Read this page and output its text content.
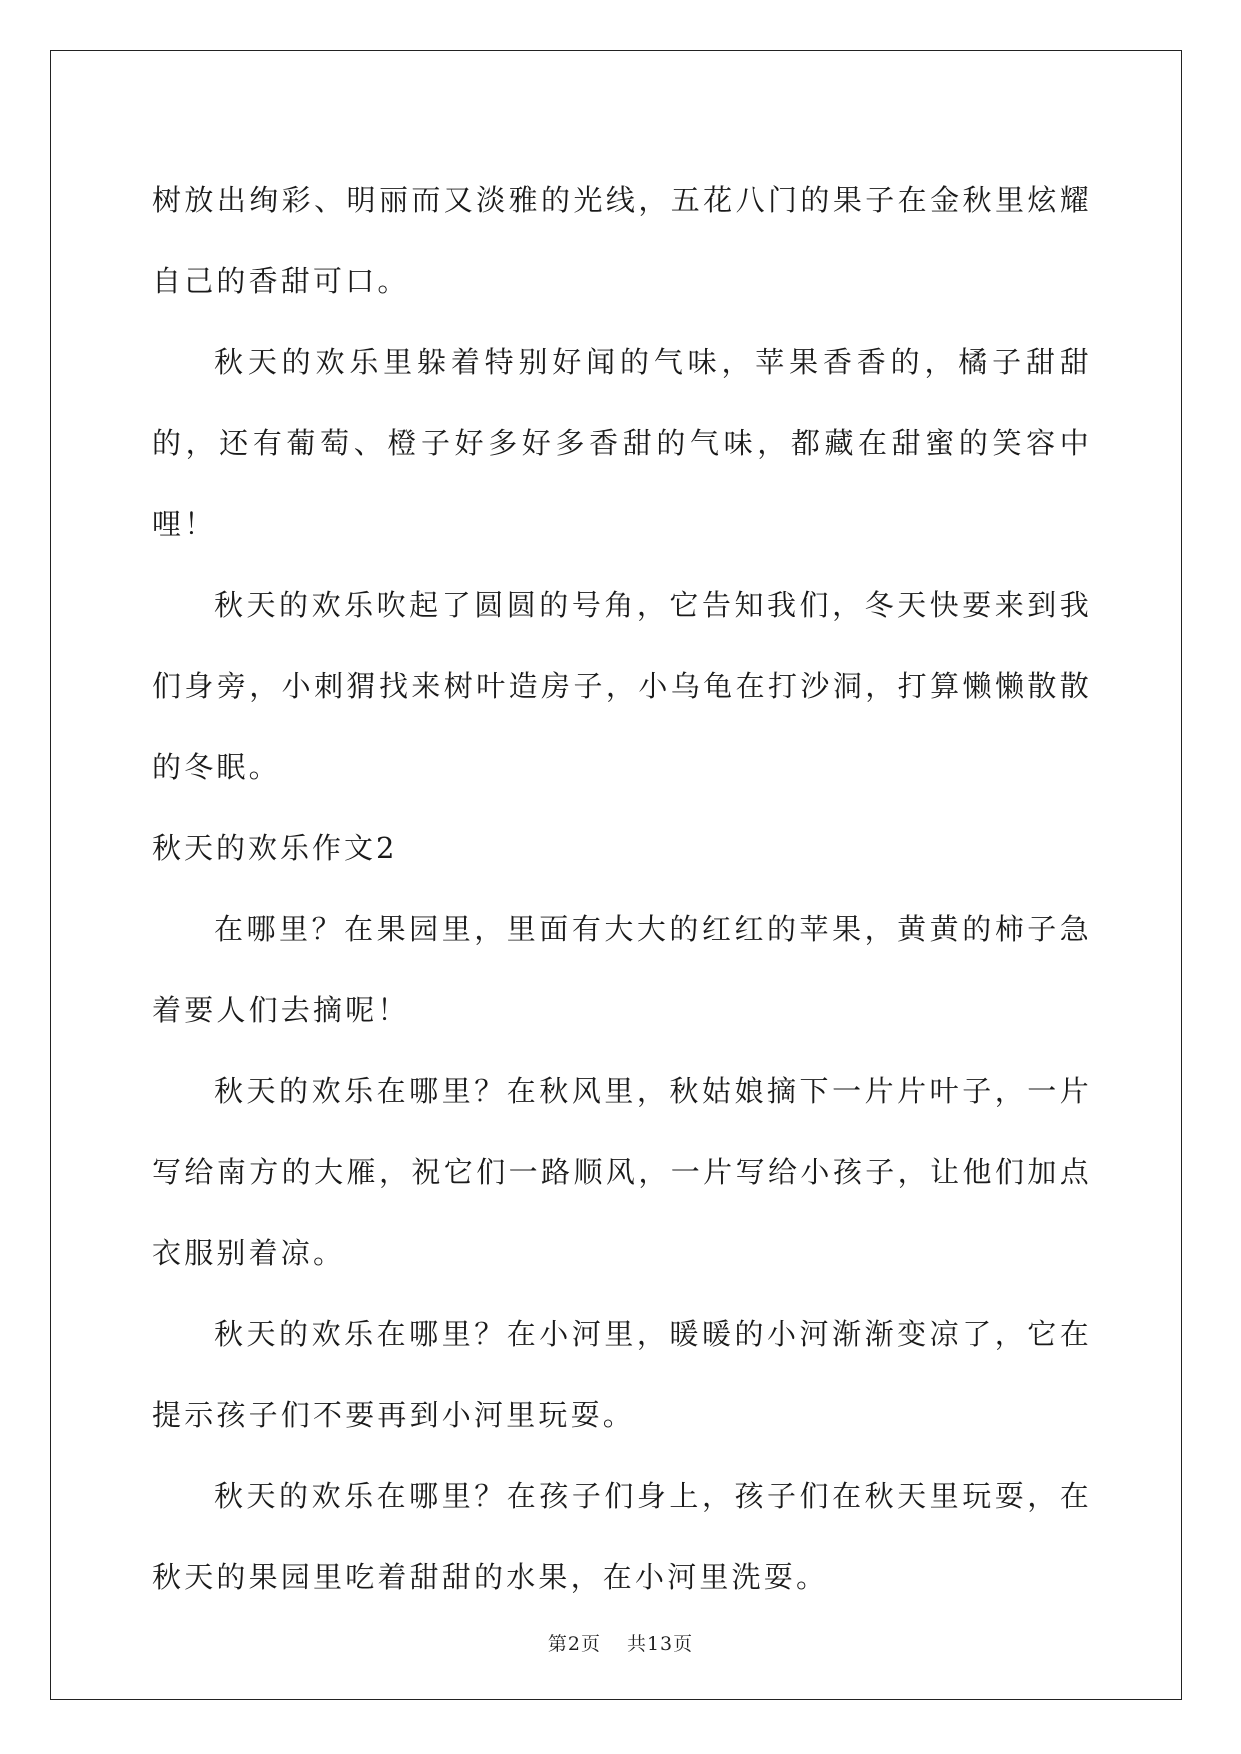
树放出绚彩、明丽而又淡雅的光线，五花八门的果子在金秋里炫耀自己的香甜可口。

秋天的欢乐里躲着特别好闻的气味，苹果香香的，橘子甜甜的，还有葡萄、橙子好多好多香甜的气味，都藏在甜蜜的笑容中哩！

秋天的欢乐吹起了圆圆的号角，它告知我们，冬天快要来到我们身旁，小刺猬找来树叶造房子，小乌龟在打沙洞，打算懒懒散散的冬眠。

秋天的欢乐作文2

在哪里？在果园里，里面有大大的红红的苹果，黄黄的柿子急着要人们去摘呢！

秋天的欢乐在哪里？在秋风里，秋姑娘摘下一片片叶子，一片写给南方的大雁，祝它们一路顺风，一片写给小孩子，让他们加点衣服别着凉。

秋天的欢乐在哪里？在小河里，暖暖的小河渐渐变凉了，它在提示孩子们不要再到小河里玩耍。

秋天的欢乐在哪里？在孩子们身上，孩子们在秋天里玩耍，在秋天的果园里吃着甜甜的水果，在小河里洗耍。

第2页 共13页
